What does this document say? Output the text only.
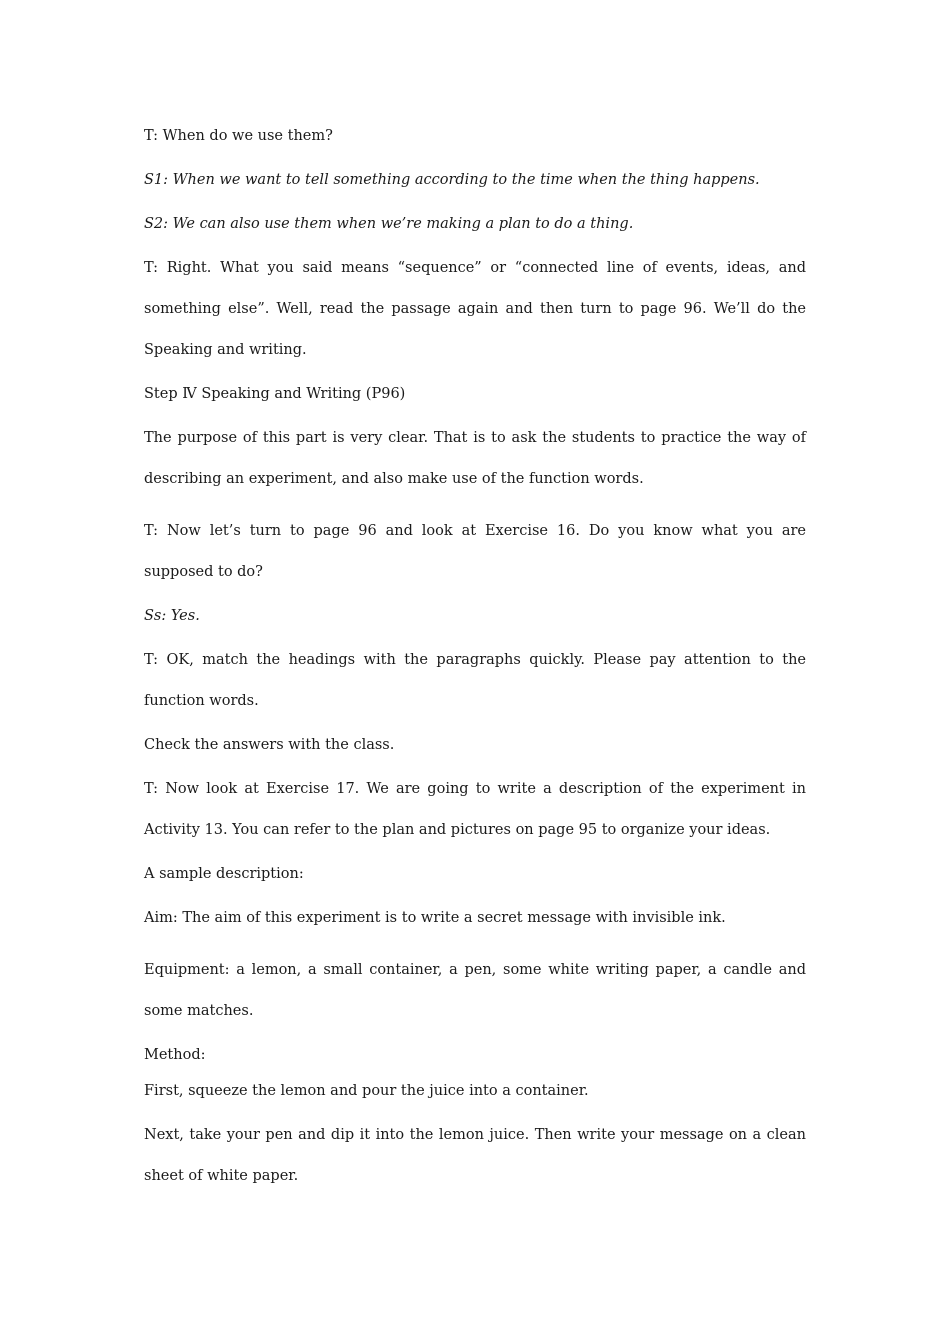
T: When do we use them?

S1: When we want to tell something according to the time when the thing happens.

S2: We can also use them when we’re making a plan to do a thing.

T: Right. What you said means “sequence” or “connected line of events, ideas, and something else”. Well, read the passage again and then turn to page 96. We’ll do the Speaking and writing.

Step Ⅳ Speaking and Writing (P96)

The purpose of this part is very clear. That is to ask the students to practice the way of describing an experiment, and also make use of the function words.

T: Now let’s turn to page 96 and look at Exercise 16. Do you know what you are supposed to do?

Ss: Yes.

T: OK, match the headings with the paragraphs quickly. Please pay attention to the function words.

Check the answers with the class.

T: Now look at Exercise 17. We are going to write a description of the experiment in Activity 13. You can refer to the plan and pictures on page 95 to organize your ideas.

A sample description:

Aim: The aim of this experiment is to write a secret message with invisible ink.

Equipment: a lemon, a small container, a pen, some white writing paper, a candle and some matches.

Method:

First, squeeze the lemon and pour the juice into a container.

Next, take your pen and dip it into the lemon juice. Then write your message on a clean sheet of white paper.
